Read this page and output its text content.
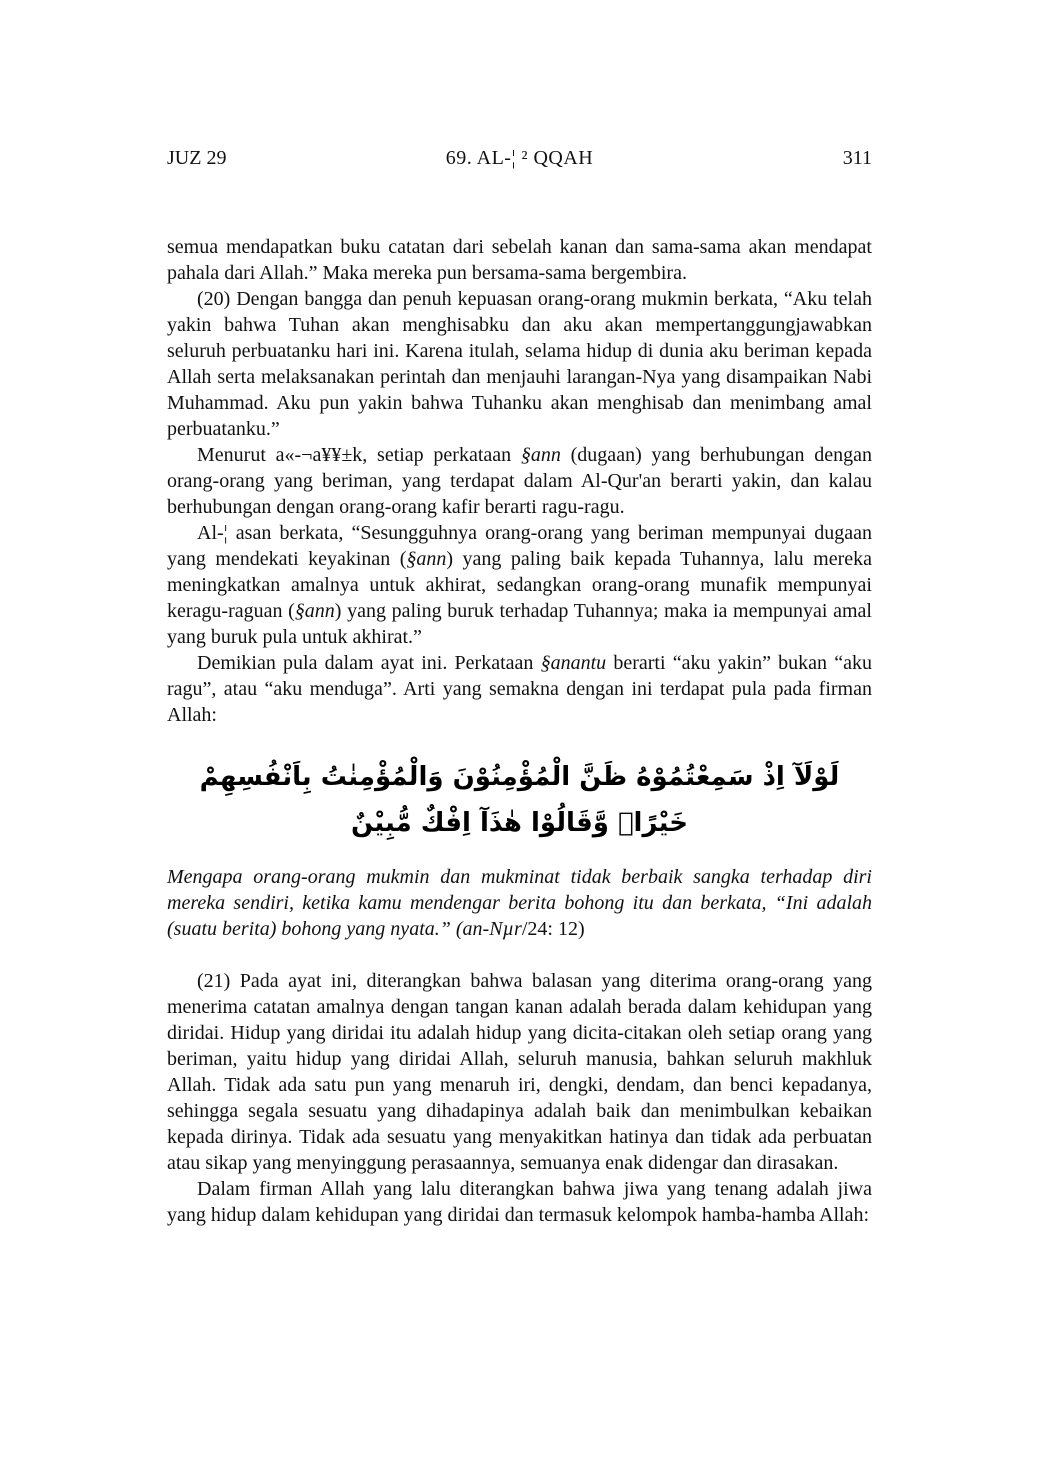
JUZ 29	69. AL-¦ ² QQAH	311

semua mendapatkan buku catatan dari sebelah kanan dan sama-sama akan mendapat pahala dari Allah.” Maka mereka pun bersama-sama bergembira.

(20) Dengan bangga dan penuh kepuasan orang-orang mukmin berkata, “Aku telah yakin bahwa Tuhan akan menghisabku dan aku akan mempertanggungjawabkan seluruh perbuatanku hari ini. Karena itulah, selama hidup di dunia aku beriman kepada Allah serta melaksanakan perintah dan menjauhi larangan-Nya yang disampaikan Nabi Muhammad. Aku pun yakin bahwa Tuhanku akan menghisab dan menimbang amal perbuatanku.”

Menurut a«-¬a¥¥±k, setiap perkataan §ann (dugaan) yang berhubungan dengan orang-orang yang beriman, yang terdapat dalam Al-Qur'an berarti yakin, dan kalau berhubungan dengan orang-orang kafir berarti ragu-ragu.

Al-¦ asan berkata, “Sesungguhnya orang-orang yang beriman mempunyai dugaan yang mendekati keyakinan (§ann) yang paling baik kepada Tuhannya, lalu mereka meningkatkan amalnya untuk akhirat, sedangkan orang-orang munafik mempunyai keragu-raguan (§ann) yang paling buruk terhadap Tuhannya; maka ia mempunyai amal yang buruk pula untuk akhirat.”

Demikian pula dalam ayat ini. Perkataan §anantu berarti “aku yakin” bukan “aku ragu”, atau “aku menduga”. Arti yang semakna dengan ini terdapat pula pada firman Allah:

لَوْلَآ اِذْ سَمِعْتُمُوْهُ ظَنَّ الْمُؤْمِنُوْنَ وَالْمُؤْمِنٰتُ بِاَنْفُسِهِمْ خَيْرًاۙ وَّقَالُوْا هٰذَآ اِفْكٌ مُّبِيْنٌ

Mengapa orang-orang mukmin dan mukminat tidak berbaik sangka terhadap diri mereka sendiri, ketika kamu mendengar berita bohong itu dan berkata, “Ini adalah (suatu berita) bohong yang nyata.” (an-Nµr/24: 12)

(21) Pada ayat ini, diterangkan bahwa balasan yang diterima orang-orang yang menerima catatan amalnya dengan tangan kanan adalah berada dalam kehidupan yang diridai. Hidup yang diridai itu adalah hidup yang dicita-citakan oleh setiap orang yang beriman, yaitu hidup yang diridai Allah, seluruh manusia, bahkan seluruh makhluk Allah. Tidak ada satu pun yang menaruh iri, dengki, dendam, dan benci kepadanya, sehingga segala sesuatu yang dihadapinya adalah baik dan menimbulkan kebaikan kepada dirinya. Tidak ada sesuatu yang menyakitkan hatinya dan tidak ada perbuatan atau sikap yang menyinggung perasaannya, semuanya enak didengar dan dirasakan.

Dalam firman Allah yang lalu diterangkan bahwa jiwa yang tenang adalah jiwa yang hidup dalam kehidupan yang diridai dan termasuk kelompok hamba-hamba Allah:
